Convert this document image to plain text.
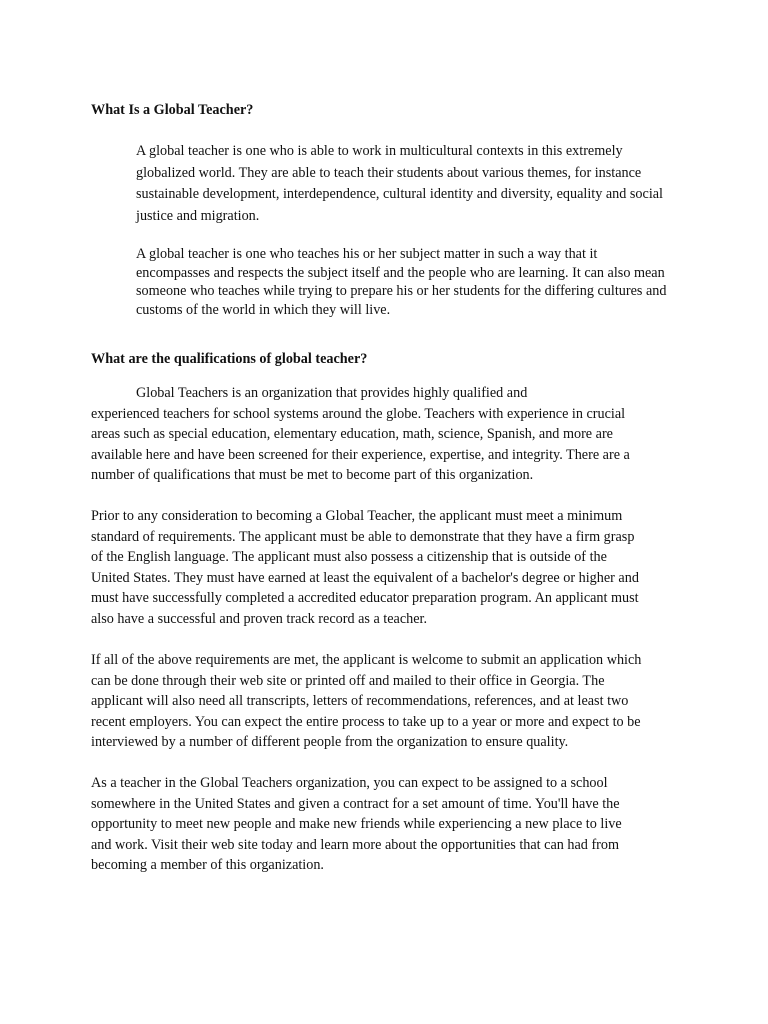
What Is a Global Teacher?

A global teacher is one who is able to work in multicultural contexts in this extremely
globalized world. They are able to teach their students about various themes, for instance
sustainable development, interdependence, cultural identity and diversity, equality and social
justice and migration.

A global teacher is one who teaches his or her subject matter in such a way that it
encompasses and respects the subject itself and the people who are learning. It can also mean
someone who teaches while trying to prepare his or her students for the differing cultures and
customs of the world in which they will live.

What are the qualifications of global teacher?

Global Teachers is an organization that provides highly qualified and
experienced teachers for school systems around the globe. Teachers with experience in crucial
areas such as special education, elementary education, math, science, Spanish, and more are
available here and have been screened for their experience, expertise, and integrity. There are a
number of qualifications that must be met to become part of this organization.

Prior to any consideration to becoming a Global Teacher, the applicant must meet a minimum
standard of requirements. The applicant must be able to demonstrate that they have a firm grasp
of the English language. The applicant must also possess a citizenship that is outside of the
United States. They must have earned at least the equivalent of a bachelor's degree or higher and
must have successfully completed a accredited educator preparation program. An applicant must
also have a successful and proven track record as a teacher.

If all of the above requirements are met, the applicant is welcome to submit an application which
can be done through their web site or printed off and mailed to their office in Georgia. The
applicant will also need all transcripts, letters of recommendations, references, and at least two
recent employers. You can expect the entire process to take up to a year or more and expect to be
interviewed by a number of different people from the organization to ensure quality.

As a teacher in the Global Teachers organization, you can expect to be assigned to a school
somewhere in the United States and given a contract for a set amount of time. You'll have the
opportunity to meet new people and make new friends while experiencing a new place to live
and work. Visit their web site today and learn more about the opportunities that can had from
becoming a member of this organization.
